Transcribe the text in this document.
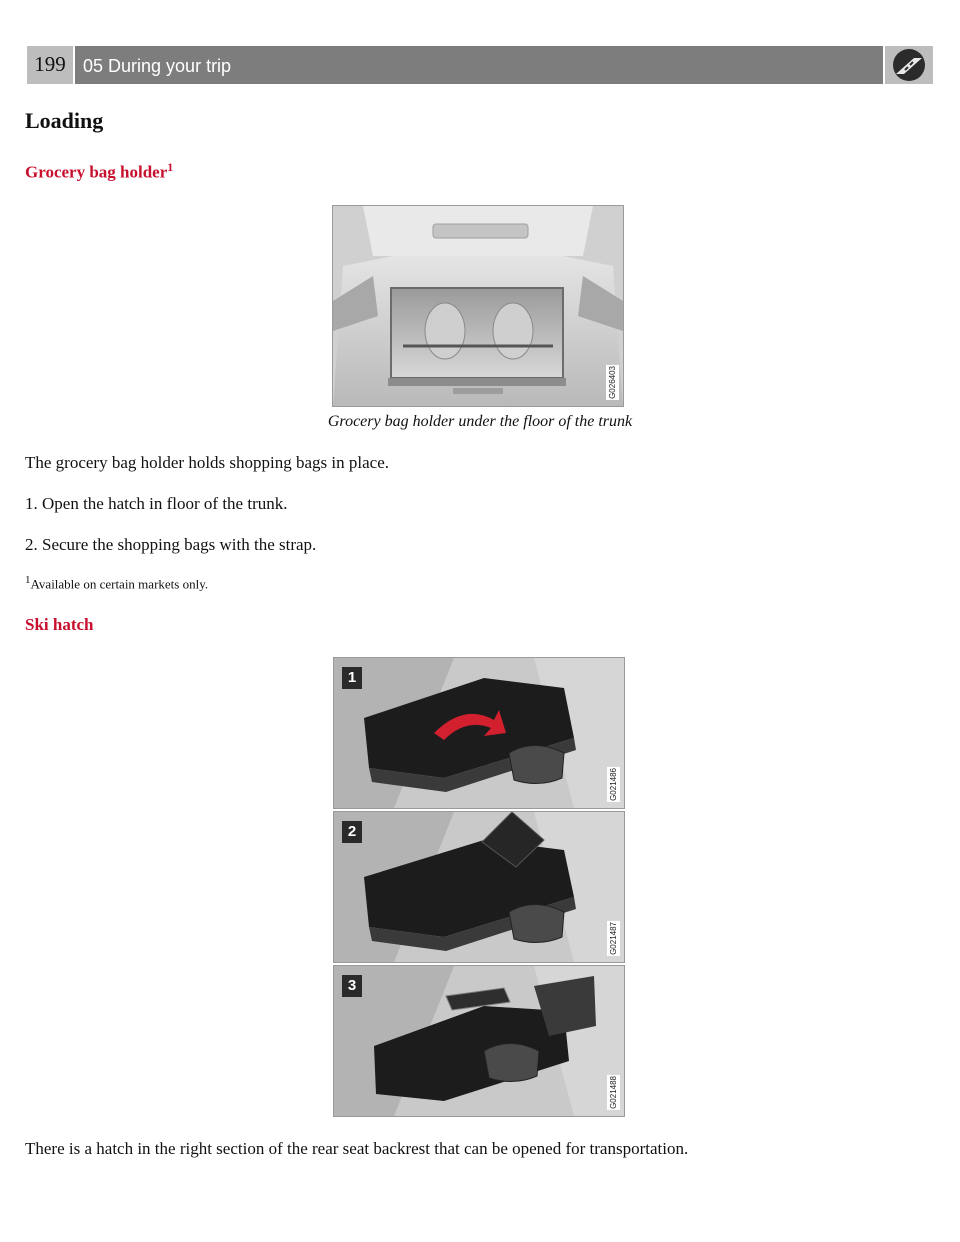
199 05 During your trip
Loading
Grocery bag holder$^1$
G026403

Grocery bag holder under the floor of the trunk

The grocery bag holder holds shopping bags in place.

1. Open the hatch in floor of the trunk.

2. Secure the shopping bags with the strap.

$^1$Available on certain markets only.

Ski hatch
1
G021486
2
G021487
3
G021488

There is a hatch in the right section of the rear seat backrest that can be opened for transportation.
